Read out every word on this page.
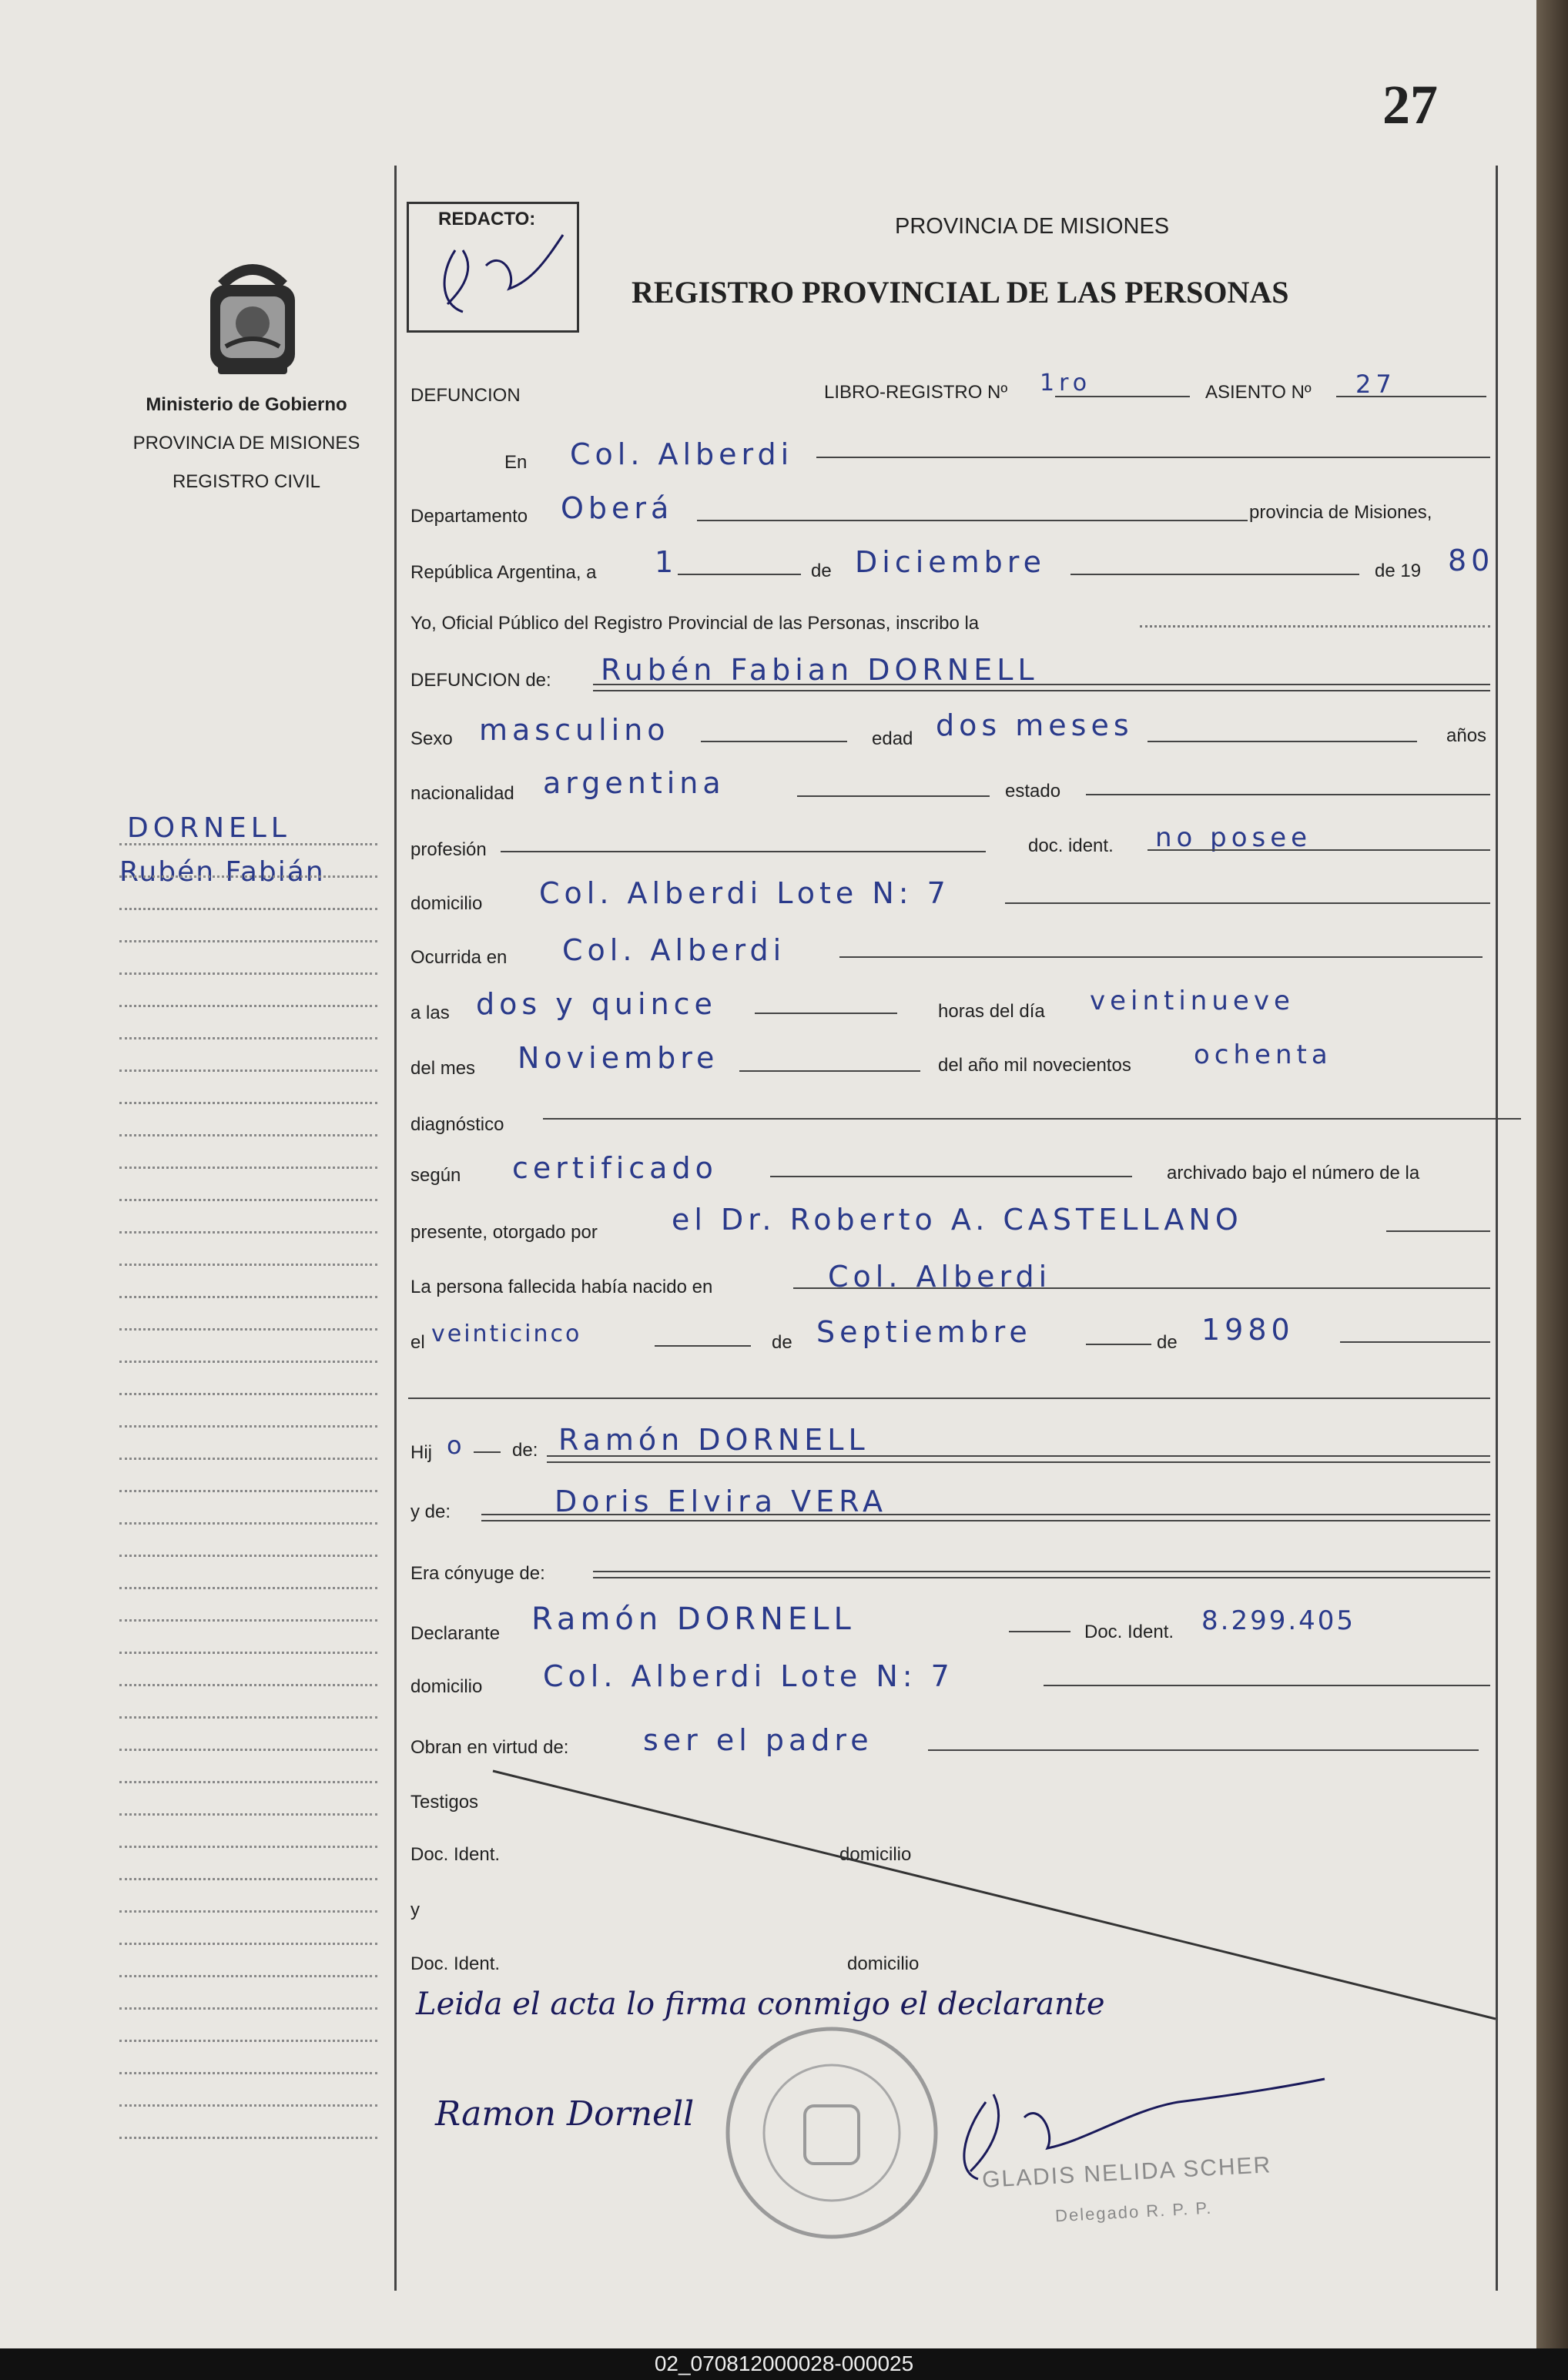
27
REDACTO:	PROVINCIA DE MISIONES
REGISTRO PROVINCIAL DE LAS PERSONAS
Ministerio de Gobierno
PROVINCIA DE MISIONES
REGISTRO CIVIL
DORNELL
Rubén Fabián
DEFUNCION	LIBRO-REGISTRO Nº 1ro	ASIENTO Nº 27
En Col. Alberdi
Departamento Oberá	provincia de Misiones,
República Argentina, a 1	de Diciembre	de 19 80
Yo, Oficial Público del Registro Provincial de las Personas, inscribo la
DEFUNCION de: Rubén Fabian DORNELL
Sexo masculino	edad dos meses	años
nacionalidad argentina	estado
profesión	doc. ident. no posee
domicilio Col. Alberdi Lote N: 7
Ocurrida en Col. Alberdi
a las dos y quince	horas del día veintinueve
del mes Noviembre	del año mil novecientos ochenta
diagnóstico
según certificado	archivado bajo el número de la
presente, otorgado por	el Dr. Roberto A. CASTELLANO
La persona fallecida había nacido en	Col. Alberdi
el veinticinco	de Septiembre	de 1980
Hij o de: Ramón DORNELL
y de:	Doris Elvira VERA
Era cónyuge de:
Declarante Ramón DORNELL	Doc. Ident. 8.299.405
domicilio Col. Alberdi Lote N: 7
Obran en virtud de:	ser el padre
Testigos
Doc. Ident.	domicilio
y
Doc. Ident.	domicilio
Leida el acta lo firma conmigo el declarante
Ramon Dornell
GLADIS NELIDA SCHER
Delegado R. P. P.
02_070812000028-000025
